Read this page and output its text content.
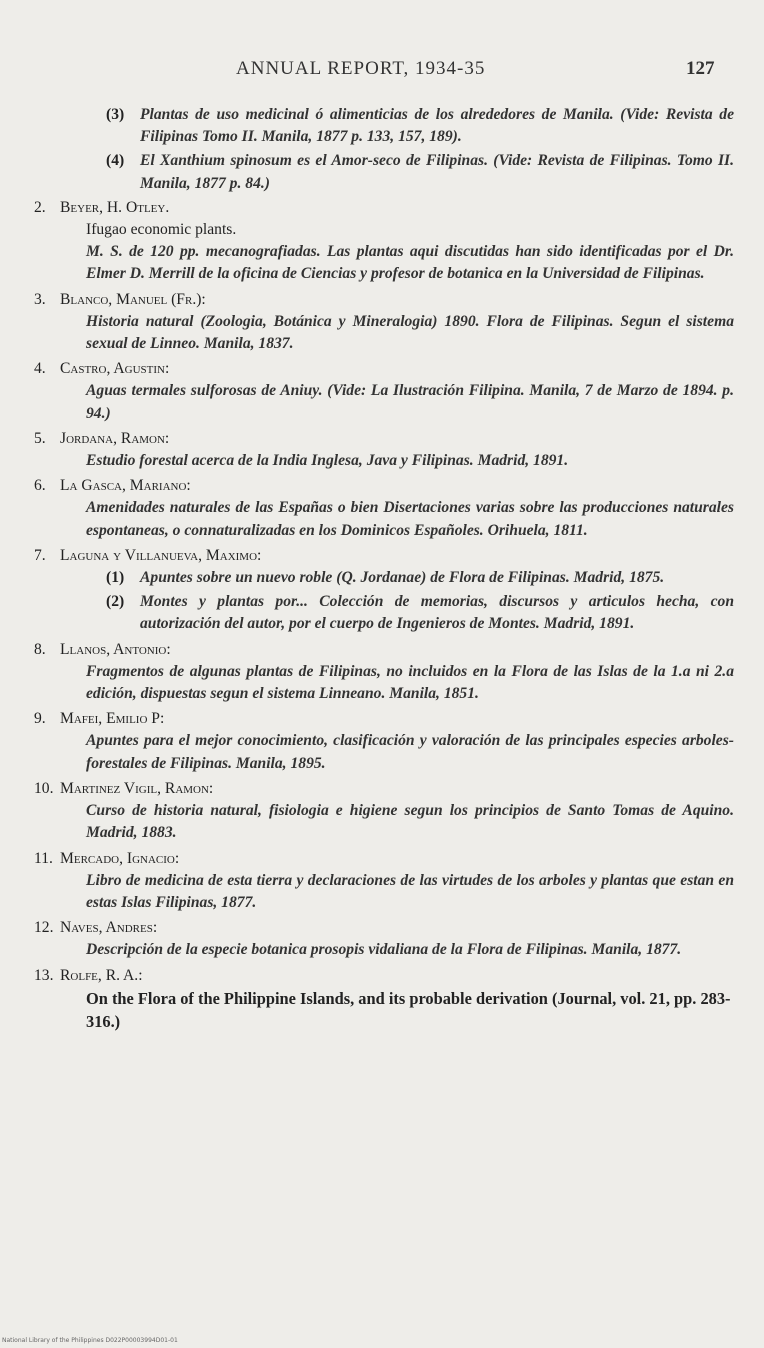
ANNUAL REPORT, 1934-35	127
(3)	Plantas de uso medicinal ó alimenticias de los alrededores de Manila. (Vide: Revista de Filipinas Tomo II. Manila, 1877 p. 133, 157, 189).
(4)	El Xanthium spinosum es el Amor-seco de Filipinas. (Vide: Revista de Filipinas. Tomo II. Manila, 1877 p. 84.)
2. Beyer, H. Otley.
Ifugao economic plants.
M. S. de 120 pp. mecanografiadas. Las plantas aqui discutidas han sido identificadas por el Dr. Elmer D. Merrill de la oficina de Ciencias y profesor de botanica en la Universidad de Filipinas.
3. Blanco, Manuel (Fr.):
Historia natural (Zoologia, Botánica y Mineralogia) 1890. Flora de Filipinas. Segun el sistema sexual de Linneo. Manila, 1837.
4. Castro, Agustin:
Aguas termales sulforosas de Aniuy. (Vide: La Ilustración Filipina. Manila, 7 de Marzo de 1894. p. 94.)
5. Jordana, Ramon:
Estudio forestal acerca de la India Inglesa, Java y Filipinas. Madrid, 1891.
6. La Gasca, Mariano:
Amenidades naturales de las Españas o bien Disertaciones varias sobre las producciones naturales espontaneas, o connaturalizadas en los Dominicos Españoles. Orihuela, 1811.
7. Laguna y Villanueva, Maximo:
(1)	Apuntes sobre un nuevo roble (Q. Jordanae) de Flora de Filipinas. Madrid, 1875.
(2)	Montes y plantas por... Colección de memorias, discursos y articulos hecha, con autorización del autor, por el cuerpo de Ingenieros de Montes. Madrid, 1891.
8. Llanos, Antonio:
Fragmentos de algunas plantas de Filipinas, no incluidos en la Flora de las Islas de la 1.a ni 2.a edición, dispuestas segun el sistema Linneano. Manila, 1851.
9. Mafei, Emilio P:
Apuntes para el mejor conocimiento, clasificación y valoración de las principales especies arboles-forestales de Filipinas. Manila, 1895.
10. Martinez Vigil, Ramon:
Curso de historia natural, fisiologia e higiene segun los principios de Santo Tomas de Aquino. Madrid, 1883.
11. Mercado, Ignacio:
Libro de medicina de esta tierra y declaraciones de las virtudes de los arboles y plantas que estan en estas Islas Filipinas, 1877.
12. Naves, Andres:
Descripción de la especie botanica prosopis vidaliana de la Flora de Filipinas. Manila, 1877.
13. Rolfe, R. A.:
On the Flora of the Philippine Islands, and its probable derivation (Journal, vol. 21, pp. 283-316.)
National Library of the Philippines D022P00003994D01-01
